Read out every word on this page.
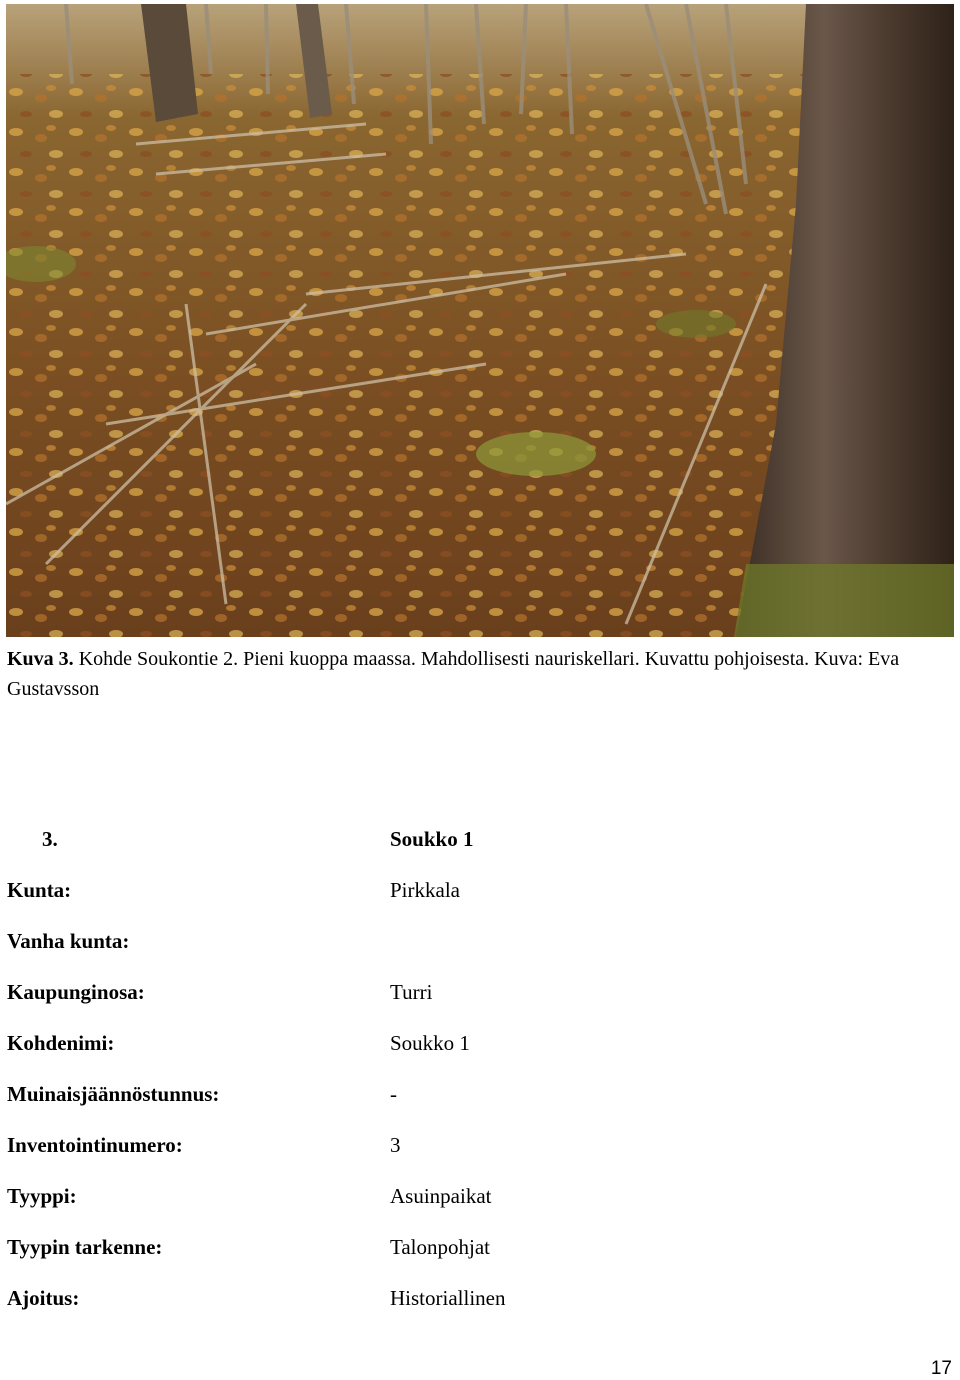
Kuva 3. Kohde Soukontie 2. Pieni kuoppa maassa. Mahdollisesti nauriskellari. Kuvattu pohjoisesta. Kuva: Eva Gustavsson
3.	Soukko 1
Kunta:	Pirkkala
Vanha kunta:
Kaupunginosa:	Turri
Kohdenimi:	Soukko 1
Muinaisjäännöstunnus:	-
Inventointinumero:	3
Tyyppi:	Asuinpaikat
Tyypin tarkenne:	Talonpohjat
Ajoitus:	Historiallinen
17
